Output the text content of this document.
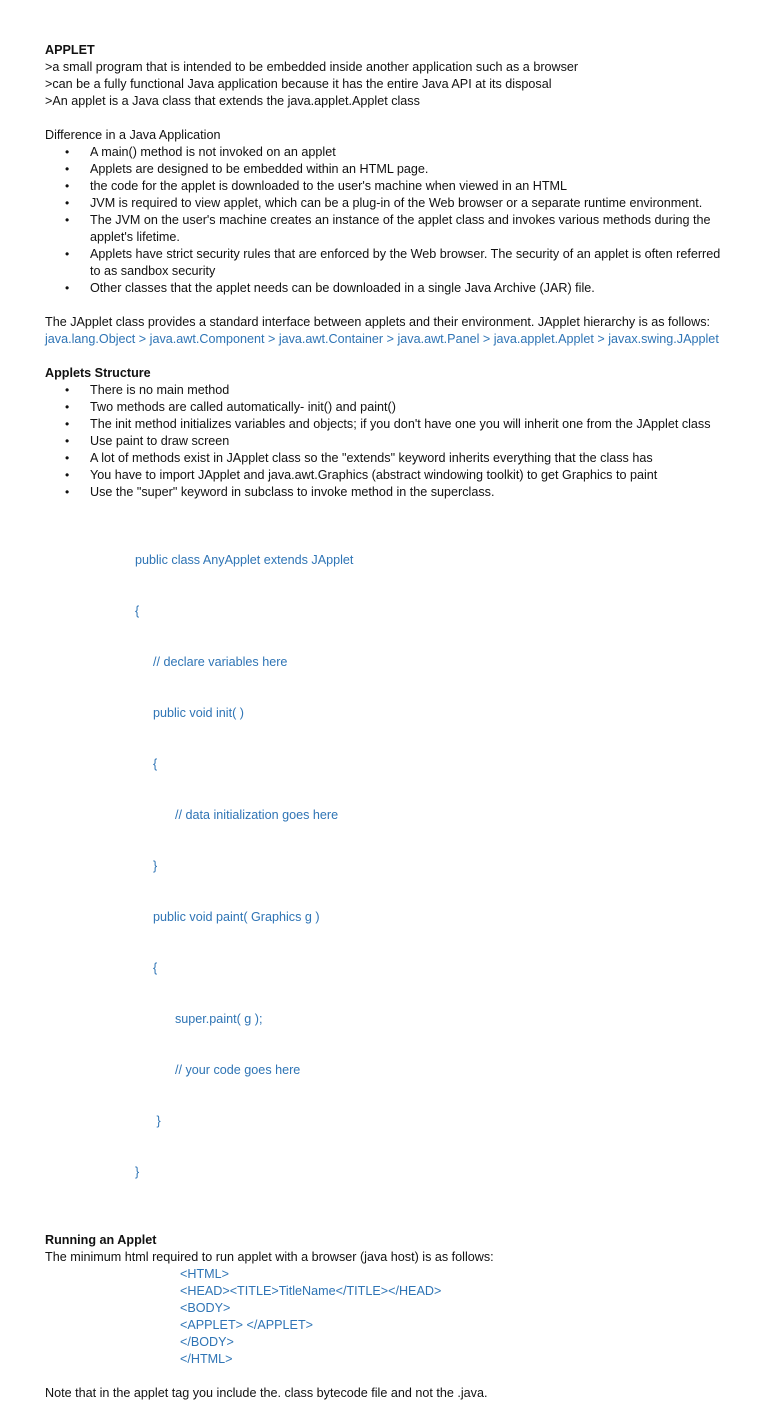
APPLET

>a small program that is intended to be embedded inside another application such as a browser

>can be a fully functional Java application because it has the entire Java API at its disposal

>An applet is a Java class that extends the java.applet.Applet class

Difference in a Java Application

• A main() method is not invoked on an applet
• Applets are designed to be embedded within an HTML page.
• the code for the applet is downloaded to the user's machine when viewed in an HTML
• JVM is required to view applet, which can be a plug-in of the Web browser or a separate runtime environment.
• The JVM on the user's machine creates an instance of the applet class and invokes various methods during the applet's lifetime.
• Applets have strict security rules that are enforced by the Web browser. The security of an applet is often referred to as sandbox security
• Other classes that the applet needs can be downloaded in a single Java Archive (JAR) file.

The JApplet class provides a standard interface between applets and their environment. JApplet hierarchy is as follows:

java.lang.Object > java.awt.Component > java.awt.Container > java.awt.Panel > java.applet.Applet > javax.swing.JApplet

Applets Structure

• There is no main method
• Two methods are called automatically- init() and paint()
• The init method initializes variables and objects; if you don't have one you will inherit one from the JApplet class
• Use paint to draw screen
• A lot of methods exist in JApplet class so the "extends" keyword inherits everything that the class has
• You have to import JApplet and java.awt.Graphics (abstract windowing toolkit) to get Graphics to paint
• Use the "super" keyword in subclass to invoke method in the superclass.

public class AnyApplet extends JApplet

{

// declare variables here

public void init( )

{

// data initialization goes here

}

public void paint( Graphics g )

{

super.paint( g );

// your code goes here

}

}

Running an Applet

The minimum html required to run applet with a browser (java host) is as follows:

<HTML>
<HEAD><TITLE>TitleName</TITLE></HEAD>
<BODY>
<APPLET> </APPLET>
</BODY>
</HTML>

Note that in the applet tag you include the. class bytecode file and not the .java.
